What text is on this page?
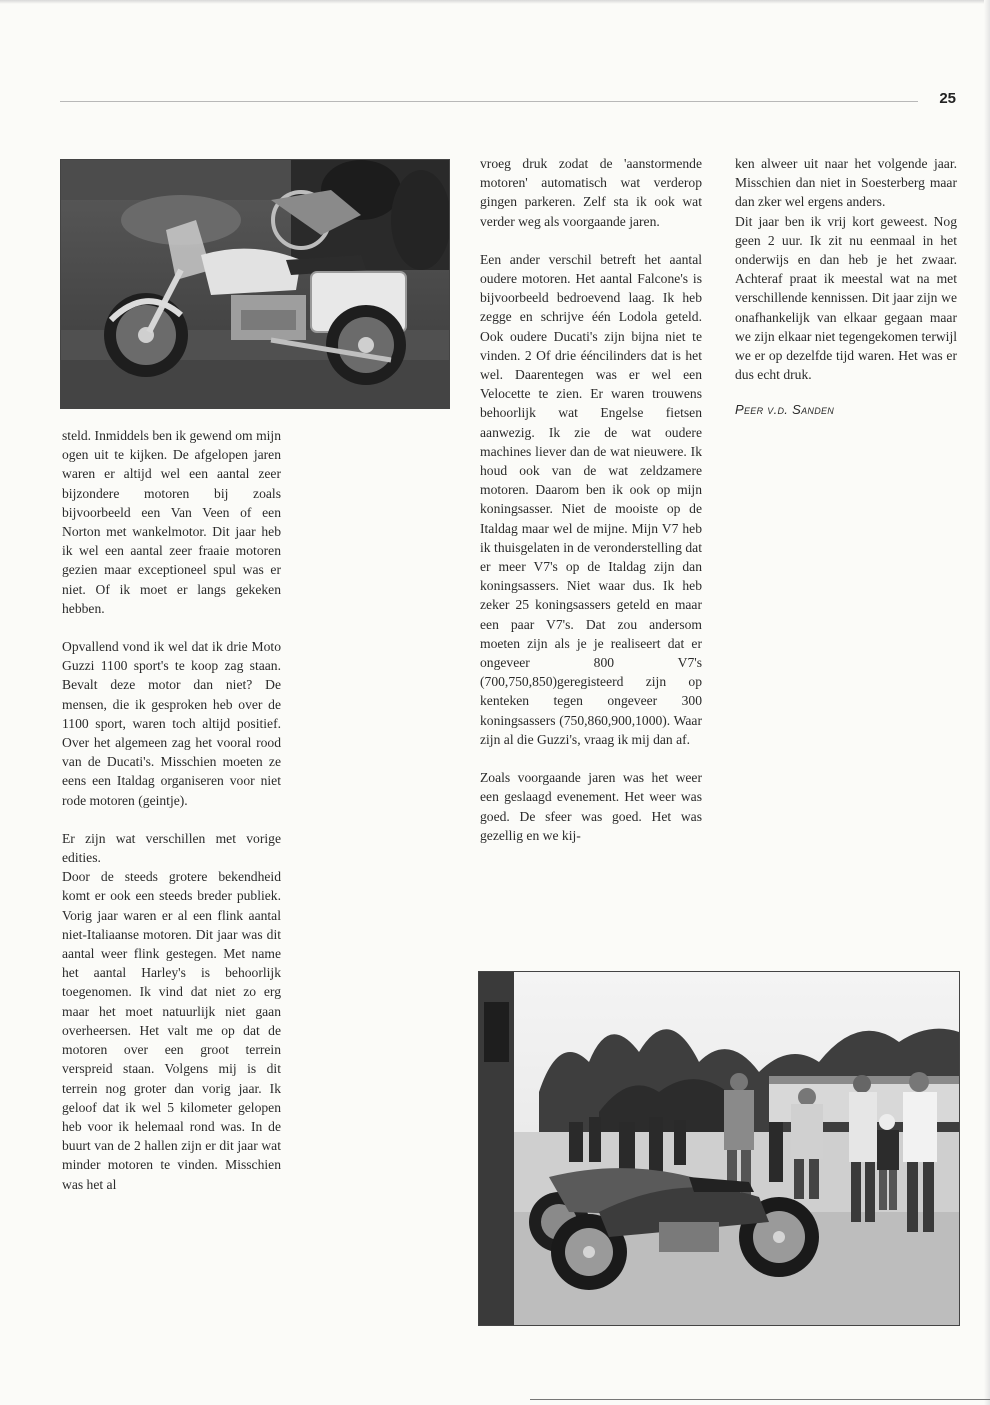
25

steld. Inmiddels ben ik gewend om mijn ogen uit te kijken. De afgelopen jaren waren er altijd wel een aantal zeer bijzondere motoren bij zoals bijvoorbeeld een Van Veen of een Norton met wankelmotor. Dit jaar heb ik wel een aantal zeer fraaie motoren gezien maar exceptioneel spul was er niet. Of ik moet er langs gekeken hebben.

Opvallend vond ik wel dat ik drie Moto Guzzi 1100 sport's te koop zag staan. Bevalt deze motor dan niet? De mensen, die ik gesproken heb over de 1100 sport, waren toch altijd positief. Over het algemeen zag het vooral rood van de Ducati's. Misschien moeten ze eens een Italdag organiseren voor niet rode motoren (geintje).

Er zijn wat verschillen met vorige edities.

Door de steeds grotere bekendheid komt er ook een steeds breder publiek. Vorig jaar waren er al een flink aantal niet-Italiaanse motoren. Dit jaar was dit aantal weer flink gestegen. Met name het aantal Harley's is behoorlijk toegenomen. Ik vind dat niet zo erg maar het moet natuurlijk niet gaan overheersen. Het valt me op dat de motoren over een groot terrein verspreid staan. Volgens mij is dit terrein nog groter dan vorig jaar. Ik geloof dat ik wel 5 kilometer gelopen heb voor ik helemaal rond was. In de buurt van de 2 hallen zijn er dit jaar wat minder motoren te vinden. Misschien was het al

vroeg druk zodat de 'aanstormende motoren' automatisch wat verderop gingen parkeren. Zelf sta ik ook wat verder weg als voorgaande jaren.

Een ander verschil betreft het aantal oudere motoren. Het aantal Falcone's is bijvoorbeeld bedroevend laag. Ik heb zegge en schrijve één Lodola geteld. Ook oudere Ducati's zijn bijna niet te vinden. 2 Of drie ééncilinders dat is het wel. Daarentegen was er wel een Velocette te zien. Er waren trouwens behoorlijk wat Engelse fietsen aanwezig. Ik zie de wat oudere machines liever dan de wat nieuwere. Ik houd ook van de wat zeldzamere motoren. Daarom ben ik ook op mijn koningsasser. Niet de mooiste op de Italdag maar wel de mijne. Mijn V7 heb ik thuisgelaten in de veronderstelling dat er meer V7's op de Italdag zijn dan koningsassers. Niet waar dus. Ik heb zeker 25 koningsassers geteld en maar een paar V7's. Dat zou andersom moeten zijn als je je realiseert dat er ongeveer 800 V7's (700,750,850)geregisteerd zijn op kenteken tegen ongeveer 300 koningsassers (750,860,900,1000). Waar zijn al die Guzzi's, vraag ik mij dan af.

Zoals voorgaande jaren was het weer een geslaagd evenement. Het weer was goed. De sfeer was goed. Het was gezellig en we kij-

ken alweer uit naar het volgende jaar. Misschien dan niet in Soesterberg maar dan zker wel ergens anders.

Dit jaar ben ik vrij kort geweest. Nog geen 2 uur. Ik zit nu eenmaal in het onderwijs en dan heb je het zwaar. Achteraf praat ik meestal wat na met verschillende kennissen. Dit jaar zijn we onafhankelijk van elkaar gegaan maar we zijn elkaar niet tegengekomen terwijl we er op dezelfde tijd waren. Het was er dus echt druk.

Peer v.d. Sanden
